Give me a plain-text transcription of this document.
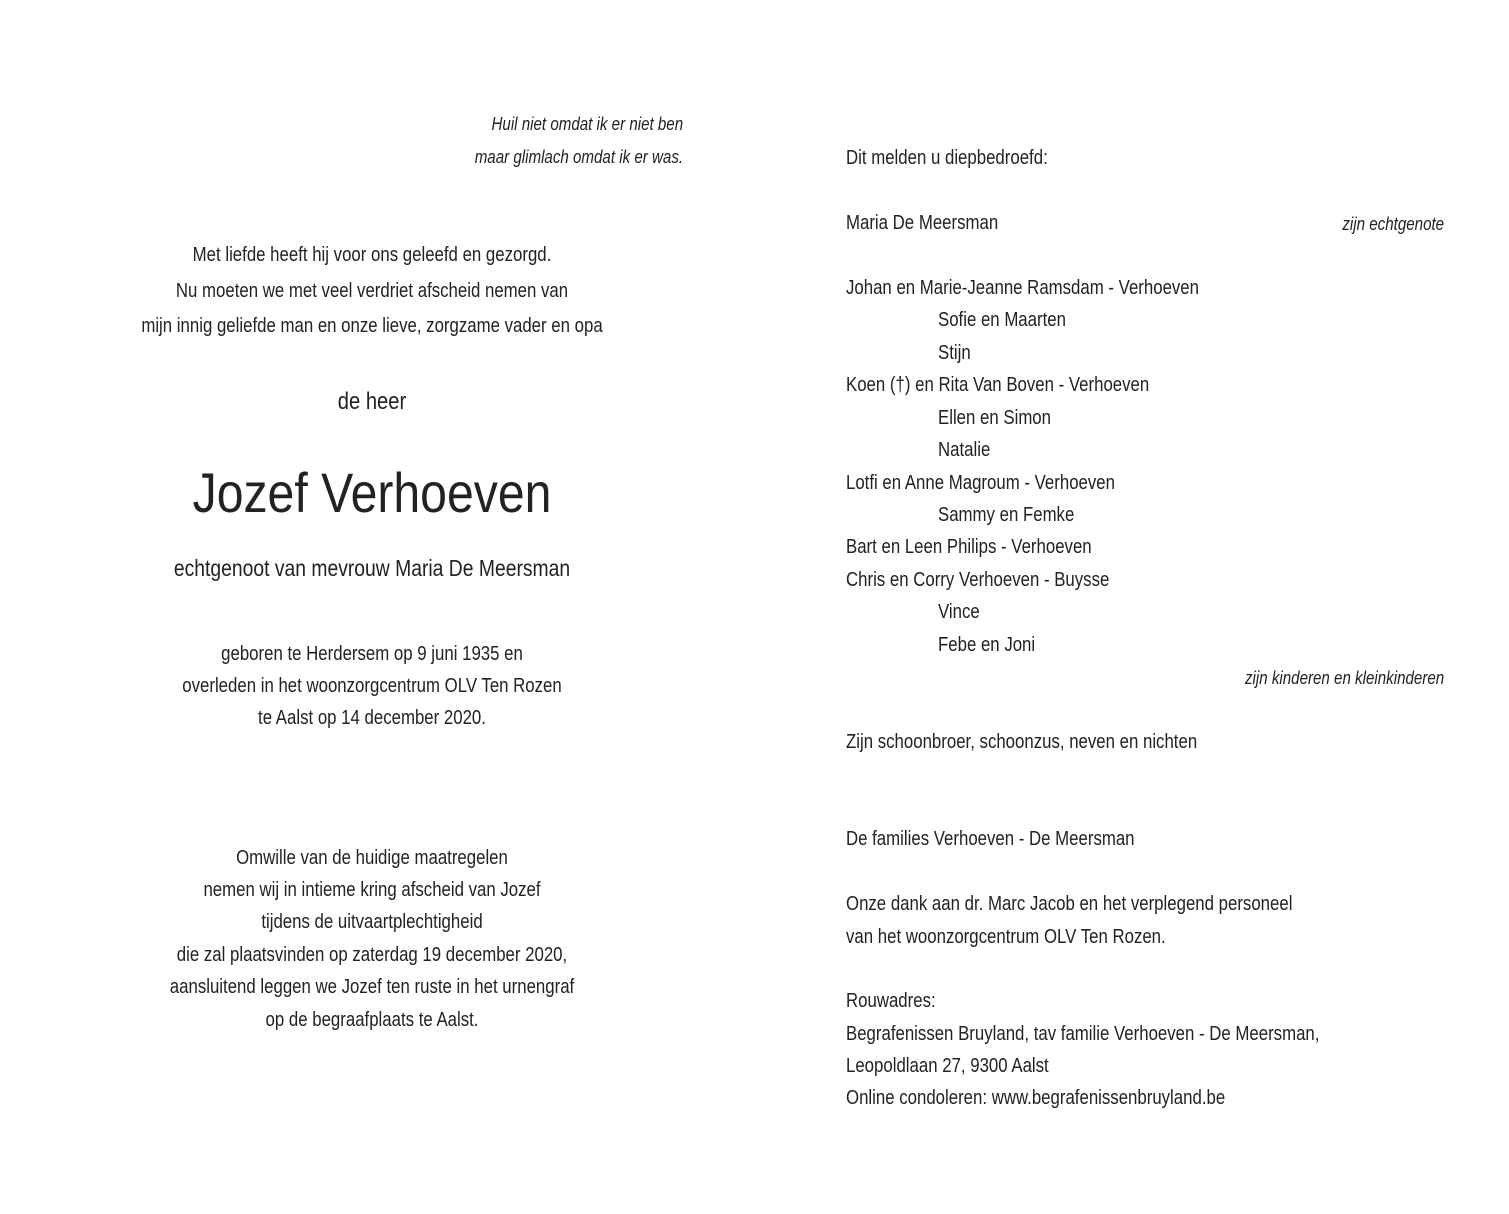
Huil niet omdat ik er niet ben
maar glimlach omdat ik er was.
Met liefde heeft hij voor ons geleefd en gezorgd.
Nu moeten we met veel verdriet afscheid nemen van
mijn innig geliefde man en onze lieve, zorgzame vader en opa
de heer
Jozef Verhoeven
echtgenoot van mevrouw Maria De Meersman
geboren te Herdersem op 9 juni 1935 en
overleden in het woonzorgcentrum OLV Ten Rozen
te Aalst op 14 december 2020.
Omwille van de huidige maatregelen
nemen wij in intieme kring afscheid van Jozef
tijdens de uitvaartplechtigheid
die zal plaatsvinden op zaterdag 19 december 2020,
aansluitend leggen we Jozef ten ruste in het urnengraf
op de begraafplaats te Aalst.
Dit melden u diepbedroefd:
Maria De Meersman	zijn echtgenote
Johan en Marie-Jeanne Ramsdam - Verhoeven
Sofie en Maarten
Stijn
Koen (†) en Rita Van Boven - Verhoeven
Ellen en Simon
Natalie
Lotfi en Anne Magroum - Verhoeven
Sammy en Femke
Bart en Leen Philips - Verhoeven
Chris en Corry Verhoeven - Buysse
Vince
Febe en Joni
zijn kinderen en kleinkinderen
Zijn schoonbroer, schoonzus, neven en nichten
De families Verhoeven - De Meersman
Onze dank aan dr. Marc Jacob en het verplegend personeel
van het woonzorgcentrum OLV Ten Rozen.
Rouwadres:
Begrafenissen Bruyland, tav familie Verhoeven - De Meersman,
Leopoldlaan 27, 9300 Aalst
Online condoleren: www.begrafenissenbruyland.be
